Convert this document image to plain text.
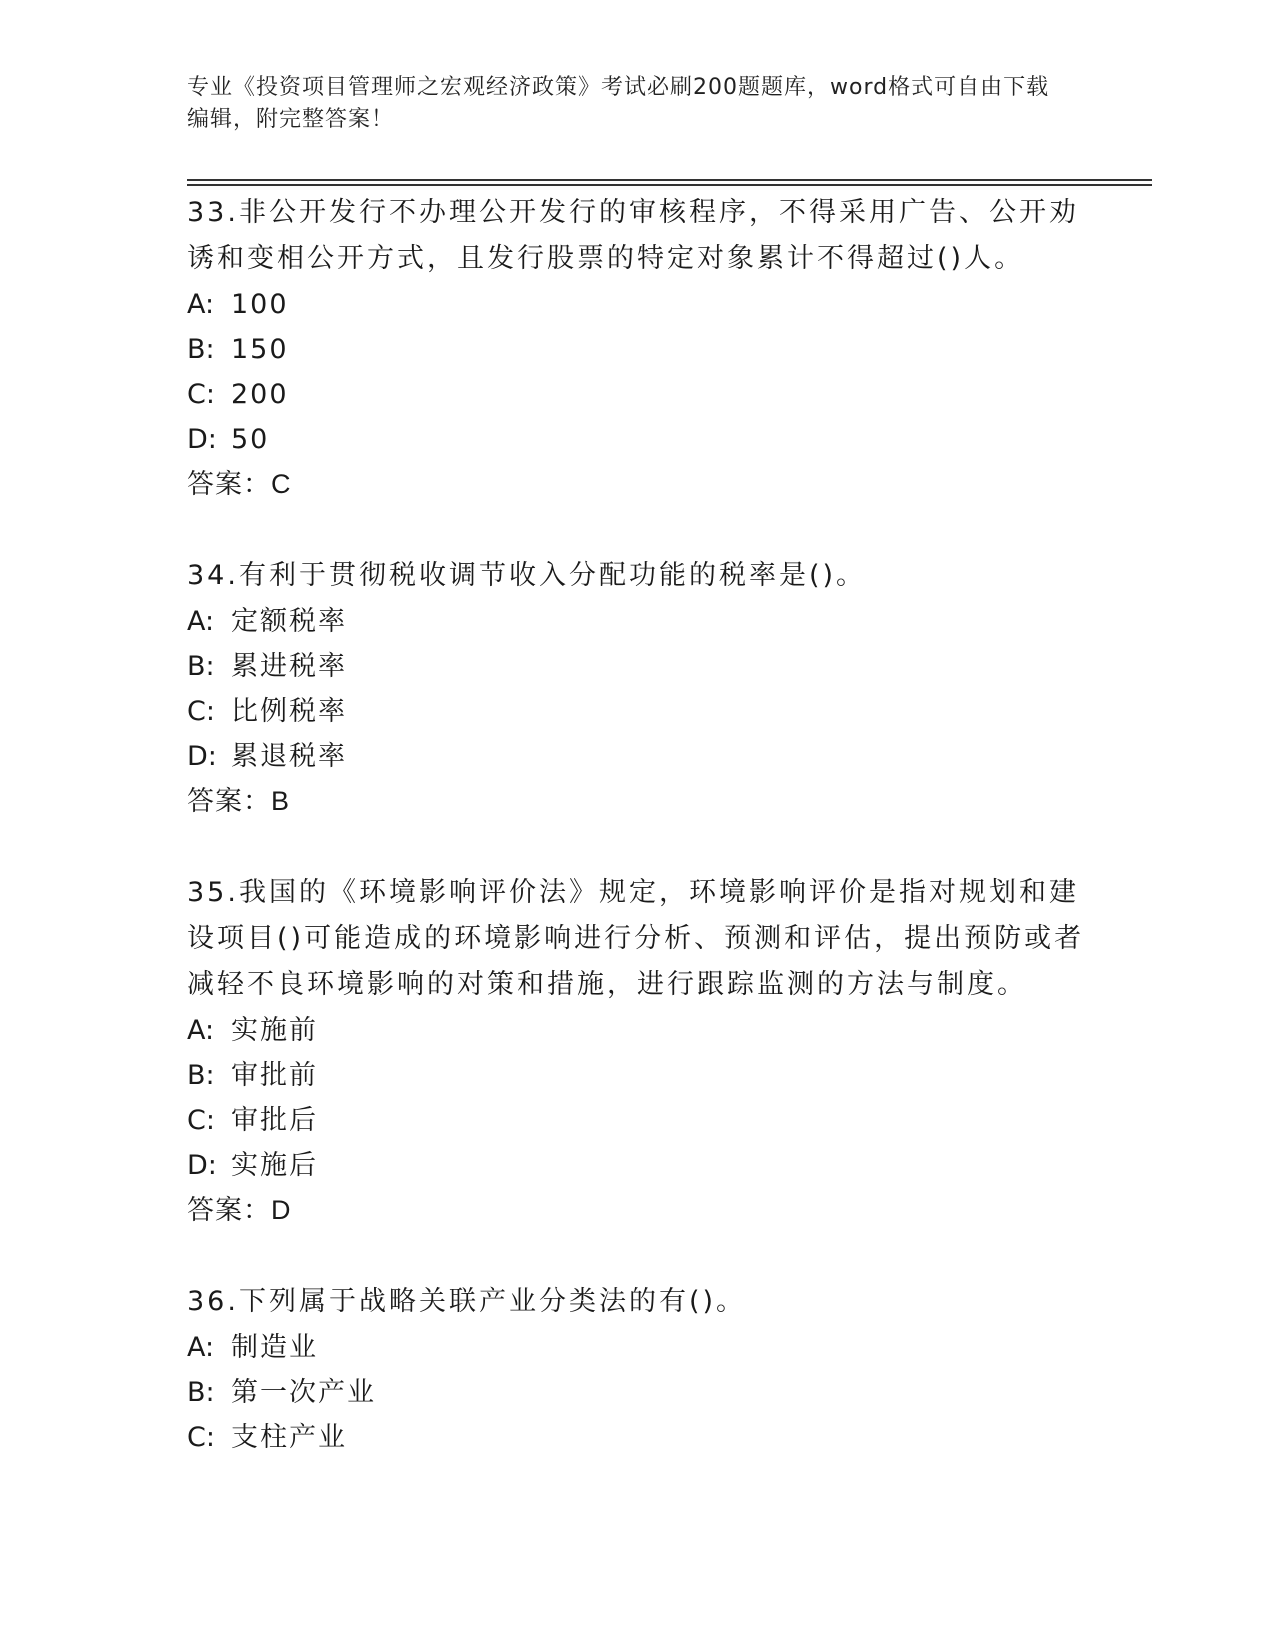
专业《投资项目管理师之宏观经济政策》考试必刷200题题库，word格式可自由下载编辑，附完整答案！

33.非公开发行不办理公开发行的审核程序，不得采用广告、公开劝诱和变相公开方式，且发行股票的特定对象累计不得超过()人。

A: 100

B: 150

C: 200

D: 50

答案：C

34.有利于贯彻税收调节收入分配功能的税率是()。

A: 定额税率

B: 累进税率

C: 比例税率

D: 累退税率

答案：B

35.我国的《环境影响评价法》规定，环境影响评价是指对规划和建设项目()可能造成的环境影响进行分析、预测和评估，提出预防或者减轻不良环境影响的对策和措施，进行跟踪监测的方法与制度。

A: 实施前

B: 审批前

C: 审批后

D: 实施后

答案：D

36.下列属于战略关联产业分类法的有()。

A: 制造业

B: 第一次产业

C: 支柱产业
